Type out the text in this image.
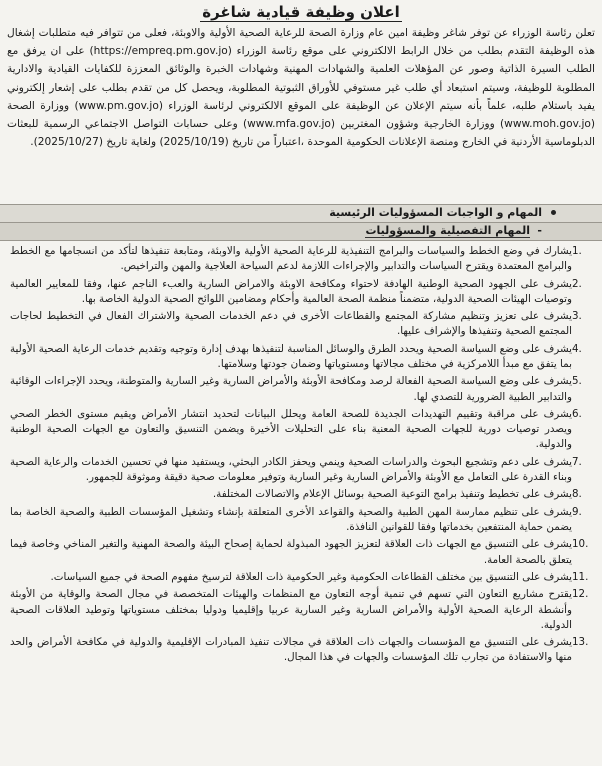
اعلان وظيفة قيادية شاغرة
تعلن رئاسة الوزراء عن توفر شاغر وظيفة امين عام وزارة الصحة للرعاية الصحية الأولية والاوبئة، فعلى من تتوافر فيه متطلبات إشغال هذه الوظيفة التقدم بطلب من خلال الرابط الالكتروني على موقع رئاسة الوزراء (https://empreq.pm.gov.jo) على ان يرفق مع الطلب السيرة الذاتية وصور عن المؤهلات العلمية والشهادات المهنية وشهادات الخبرة والوثائق المعززة للكفايات القيادية والادارية المطلوبة للوظيفة، وسيتم استبعاد أي طلب غير مستوفي للأوراق الثبوتية المطلوبة، ويحصل كل من تقدم بطلب على إشعار إلكتروني يفيد باستلام طلبه، علماً بأنه سيتم الإعلان عن الوظيفة على الموقع الالكتروني لرئاسة الوزراء (www.pm.gov.jo) ووزارة الصحة (www.moh.gov.jo) ووزارة الخارجية وشؤون المغتربين (www.mfa.gov.jo) وعلى حسابات التواصل الاجتماعي الرسمية للبعثات الدبلوماسية الأردنية في الخارج ومنصة الإعلانات الحكومية الموحدة ،اعتباراً من تاريخ (2025/10/19) ولغاية تاريخ (2025/10/27).
المهام و الواجبات المسؤوليات الرئيسية
-
المهام التفصيلية والمسؤوليات
1.
يشارك في وضع الخطط والسياسات والبرامج التنفيذية للرعاية الصحية الأولية والاوبئة، ومتابعة تنفيذها لتأكد من انسجامها مع الخطط والبرامج المعتمدة ويقترح السياسات والتدابير والإجراءات اللازمة لدعم السياحة العلاجية والمهن والتراخيص.
2.
يشرف على الجهود الصحية الوطنية الهادفة لاحتواء ومكافحة الاوبئة والامراض السارية والعبء الناجم عنها، وفقا للمعايير العالمية وتوصيات الهيئات الصحية الدولية، متضمناً منظمة الصحة العالمية وأحكام ومضامين اللوائح الصحية الدولية الخاصة بها.
3.
يشرف على تعزيز وتنظيم مشاركة المجتمع والقطاعات الأخرى في دعم الخدمات الصحية والاشتراك الفعال في التخطيط لحاجات المجتمع الصحية وتنفيذها والإشراف عليها.
4.
يشرف على وضع السياسة الصحية ويحدد الطرق والوسائل المناسبة لتنفيذها بهدف إدارة وتوجيه وتقديم خدمات الرعاية الصحية الأولية بما يتفق مع مبدأ اللامركزية في مختلف مجالاتها ومستوياتها وضمان جودتها وسلامتها.
5.
يشرف على وضع السياسة الصحية الفعالة لرصد ومكافحة الأوبئة والأمراض السارية وغير السارية والمتوطنة، ويحدد الإجراءات الوقائية والتدابير الطبية الضرورية للتصدي لها.
6.
يشرف على مراقبة وتقييم التهديدات الجديدة للصحة العامة ويحلل البيانات لتحديد انتشار الأمراض ويقيم مستوى الخطر الصحي ويصدر توصيات دورية للجهات الصحية المعنية بناء على التحليلات الأخيرة ويضمن التنسيق والتعاون مع الجهات الصحية الوطنية والدولية.
7.
يشرف على دعم وتشجيع البحوث والدراسات الصحية وينمي ويحفز الكادر البحثي، ويستفيد منها في تحسين الخدمات والرعاية الصحية وبناء القدرة على التعامل مع الأوبئة والأمراض السارية وغير السارية وتوفير معلومات صحية دقيقة وموثوقة للجمهور.
8.
يشرف على تخطيط وتنفيذ برامج التوعية الصحية بوسائل الإعلام والاتصالات المختلفة.
9.
يشرف على تنظيم ممارسة المهن الطبية والصحية والقواعد الأخرى المتعلقة بإنشاء وتشغيل المؤسسات الطبية والصحية الخاصة بما يضمن حماية المنتفعين بخدماتها وفقا للقوانين النافذة.
10.
يشرف على التنسيق مع الجهات ذات العلاقة لتعزيز الجهود المبذولة لحماية إصحاح البيئة والصحة المهنية والتغير المناخي وخاصة فيما يتعلق بالصحة العامة.
11.
يشرف على التنسيق بين مختلف القطاعات الحكومية وغير الحكومية ذات العلاقة لترسيخ مفهوم الصحة في جميع السياسات.
12.
يقترح مشاريع التعاون التي تسهم في تنمية أوجه التعاون مع المنظمات والهيئات المتخصصة في مجال الصحة والوقاية من الأوبئة وأنشطة الرعاية الصحية الأولية والأمراض السارية وغير السارية عربيا وإقليميا ودوليا بمختلف مستوياتها وتوطيد العلاقات الصحية الدولية.
13.
يشرف على التنسيق مع المؤسسات والجهات ذات العلاقة في مجالات تنفيذ المبادرات الإقليمية والدولية في مكافحة الأمراض والحد منها والاستفادة من تجارب تلك المؤسسات والجهات في هذا المجال.
